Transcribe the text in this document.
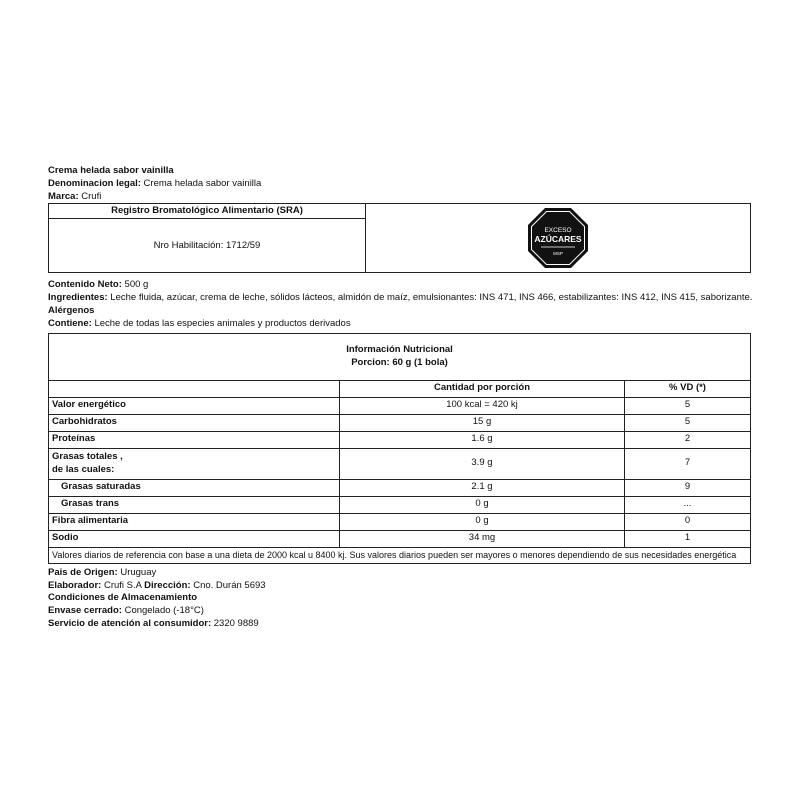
Crema helada sabor vainilla

Denominacion legal: Crema helada sabor vainilla

Marca: Crufi

Registro Bromatológico Alimentario (SRA)	
EXCESO
AZÚCARES
MSP

Nro Habilitación: 1712/59

Contenido Neto: 500 g

Ingredientes: Leche fluida, azúcar, crema de leche, sólidos lácteos, almidón de maíz, emulsionantes: INS 471, INS 466, estabilizantes: INS 412, INS 415, saborizante.

Alérgenos

Contiene: Leche de todas las especies animales y productos derivados

Información Nutricional
Porcion: 60 g (1 bola)		

	Cantidad por porción	% VD (*)
Valor energético	100 kcal = 420 kj	5
Carbohidratos	15 g	5
Proteínas	1.6 g	2

Grasas totales ,
de las cuales:	3.9 g	7
Grasas saturadas	2.1 g	9
Grasas trans	0 g	...
Fibra alimentaria	0 g	0
Sodio	34 mg	1
Valores diarios de referencia con base a una dieta de 2000 kcal u 8400 kj. Sus valores diarios pueden ser mayores o menores dependiendo de sus necesidades energética		

Pais de Origen: Uruguay

Elaborador: Crufi S.A Dirección: Cno. Durán 5693

Condiciones de Almacenamiento

Envase cerrado: Congelado (-18°C)

Servicio de atención al consumidor: 2320 9889
